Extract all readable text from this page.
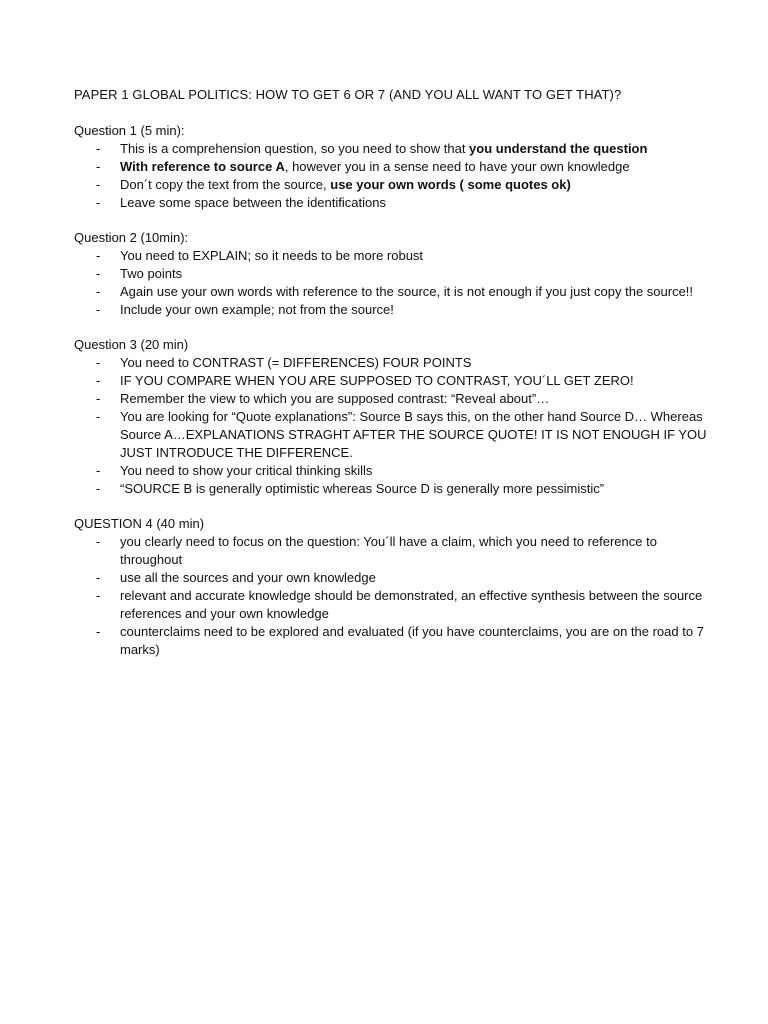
PAPER 1 GLOBAL POLITICS: HOW TO GET 6 OR 7 (AND YOU ALL WANT TO GET THAT)?

Question 1 (5 min):

- This is a comprehension question, so you need to show that you understand the question
- With reference to source A, however you in a sense need to have your own knowledge
- Don´t copy the text from the source, use your own words ( some quotes ok)
- Leave some space between the identifications

Question 2 (10min):

- You need to EXPLAIN; so it needs to be more robust
- Two points
- Again use your own words with reference to the source, it is not enough if you just copy the source!!
- Include your own example; not from the source!

Question 3 (20 min)

- You need to CONTRAST (= DIFFERENCES) FOUR POINTS
- IF YOU COMPARE WHEN YOU ARE SUPPOSED TO CONTRAST, YOU´LL GET ZERO!
- Remember the view to which you are supposed contrast: “Reveal about”…
- You are looking for “Quote explanations”: Source B says this, on the other hand Source D… Whereas Source A…EXPLANATIONS STRAGHT AFTER THE SOURCE QUOTE! IT IS NOT ENOUGH IF YOU JUST INTRODUCE THE DIFFERENCE.
- You need to show your critical thinking skills
- “SOURCE B is generally optimistic whereas Source D is generally more pessimistic”

QUESTION 4 (40 min)

- you clearly need to focus on the question: You´ll have a claim, which you need to reference to throughout
- use all the sources and your own knowledge
- relevant and accurate knowledge should be demonstrated, an effective synthesis between the source references and your own knowledge
- counterclaims need to be explored and evaluated (if you have counterclaims, you are on the road to 7 marks)
